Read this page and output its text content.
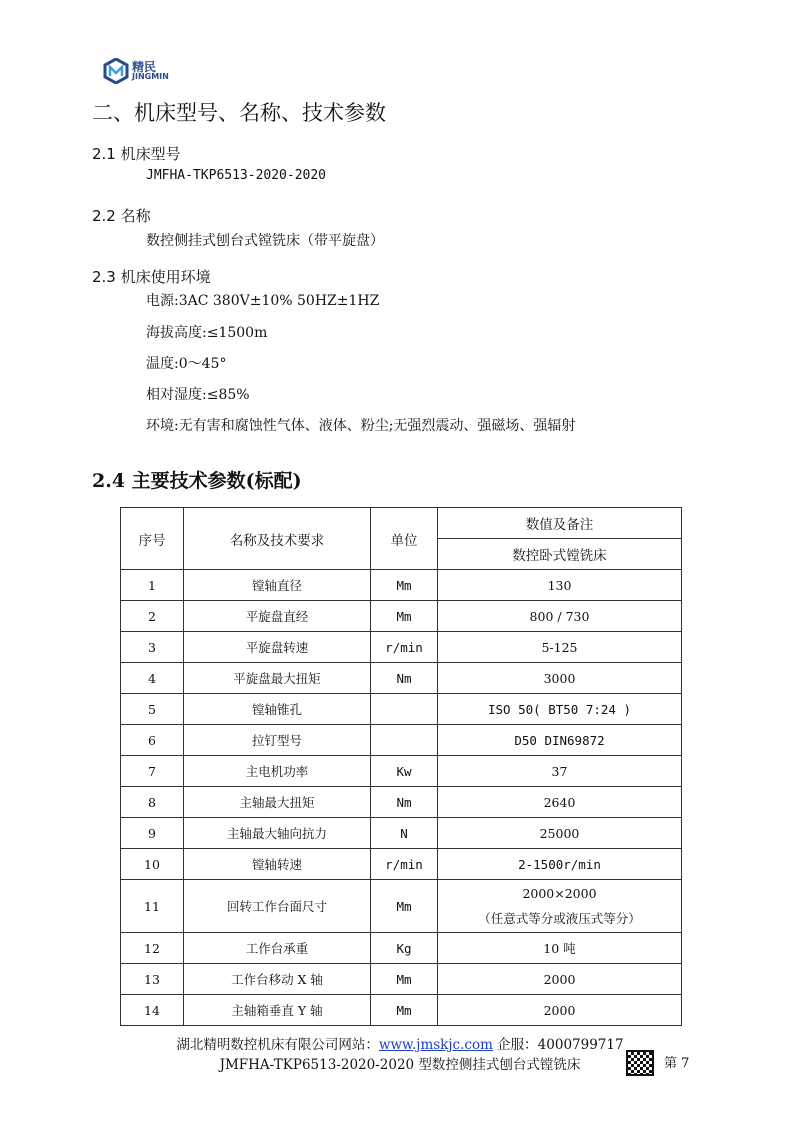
精民
JINGMIN
二、机床型号、名称、技术参数
2.1 机床型号
JMFHA-TKP6513-2020-2020
2.2 名称
数控侧挂式刨台式镗铣床（带平旋盘）
2.3 机床使用环境
电源:3AC 380V±10% 50HZ±1HZ
海拔高度:≤1500m
温度:0～45°
相对湿度:≤85%
环境:无有害和腐蚀性气体、液体、粉尘;无强烈震动、强磁场、强辐射
2.4 主要技术参数(标配)
序号	名称及技术要求	单位	数值及备注
			数控卧式镗铣床
1	镗轴直径	Mm	130
2	平旋盘直经	Mm	800 / 730
3	平旋盘转速	r/min	5-125
4	平旋盘最大扭矩	Nm	3000
5	镗轴锥孔		ISO 50( BT50 7:24 )
6	拉钉型号		D50 DIN69872
7	主电机功率	Kw	37
8	主轴最大扭矩	Nm	2640
9	主轴最大轴向抗力	N	25000
10	镗轴转速	r/min	2-1500r/min
11	回转工作台面尺寸	Mm	2000×2000
（任意式等分或液压式等分）

12	工作台承重	Kg	10 吨
13	工作台移动 X 轴	Mm	2000
14	主轴箱垂直 Y 轴	Mm	2000
湖北精明数控机床有限公司网站：www.jmskjc.com 企服：4000799717
JMFHA-TKP6513-2020-2020 型数控侧挂式刨台式镗铣床	第 7
